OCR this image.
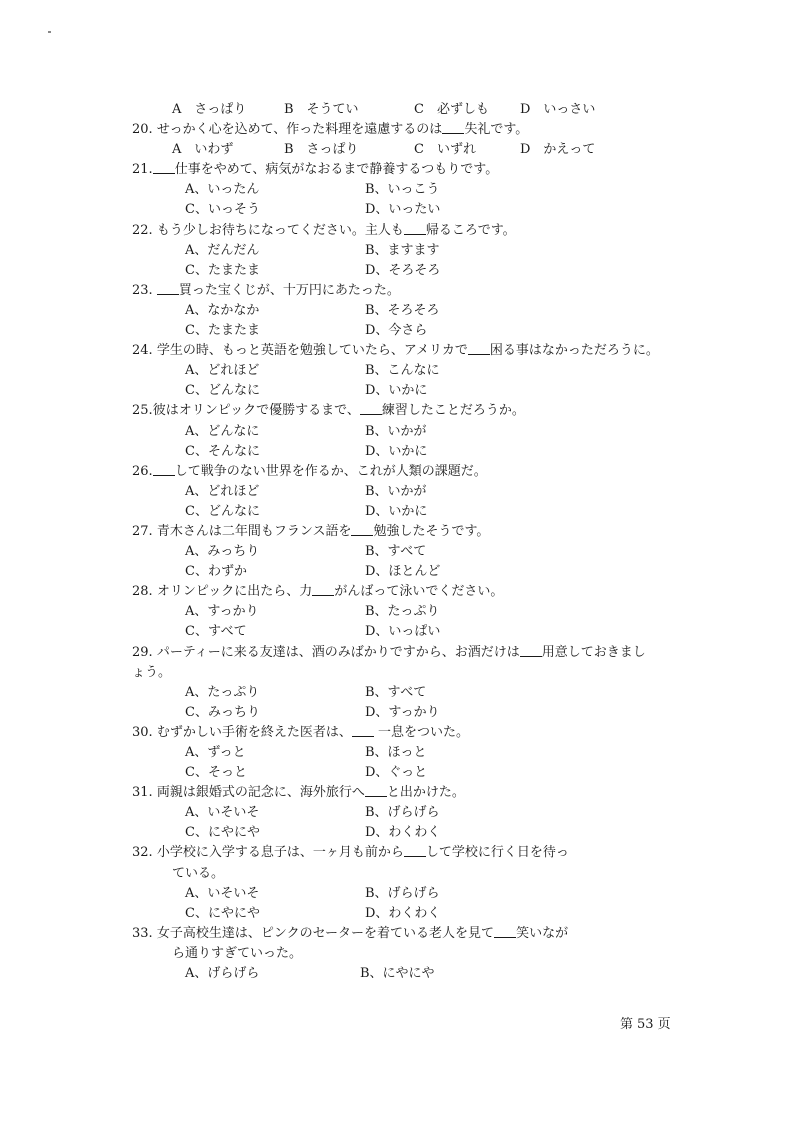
A　さっぱり	B　そうてい	C　必ずしも D　いっさい
20. せっかく心を込めて、作った料理を遠慮するのは 失礼です。
A　いわず	B　さっぱり	C　いずれ	D　かえって
21. 仕事をやめて、病気がなおるまで静養するつもりです。
A、いったん	B、いっこう
C、いっそう	D、いったい
22. もう少しお待ちになってください。主人も 帰るころです。
A、だんだん	B、ますます
C、たまたま	D、そろそろ
23. 買った宝くじが、十万円にあたった。
A、なかなか	B、そろそろ
C、たまたま	D、今さら
24. 学生の時、もっと英語を勉強していたら、アメリカで 困る事はなかっただろうに。
A、どれほど	B、こんなに
C、どんなに	D、いかに
25.彼はオリンピックで優勝するまで、 練習したことだろうか。
A、どんなに	B、いかが
C、そんなに	D、いかに
26. して戦争のない世界を作るか、これが人類の課題だ。
A、どれほど	B、いかが
C、どんなに	D、いかに
27. 青木さんは二年間もフランス語を 勉強したそうです。
A、みっちり	B、すべて
C、わずか	D、ほとんど
28. オリンピックに出たら、力 がんばって泳いでください。
A、すっかり	B、たっぷり
C、すべて	D、いっぱい
29. パーティーに来る友達は、酒のみばかりですから、お酒だけは 用意しておきまし
ょう。
A、たっぷり	B、すべて
C、みっちり	D、すっかり
30. むずかしい手術を終えた医者は、 一息をついた。
A、ずっと	B、ほっと
C、そっと	D、ぐっと
31. 両親は銀婚式の記念に、海外旅行へ と出かけた。
A、いそいそ	B、げらげら
C、にやにや	D、わくわく
32. 小学校に入学する息子は、一ヶ月も前から して学校に行く日を待っ
ている。
A、いそいそ	B、げらげら
C、にやにや	D、わくわく
33. 女子高校生達は、ピンクのセーターを着ている老人を見て 笑いなが
ら通りすぎていった。
A、げらげら	B、にやにや
第 53 页
